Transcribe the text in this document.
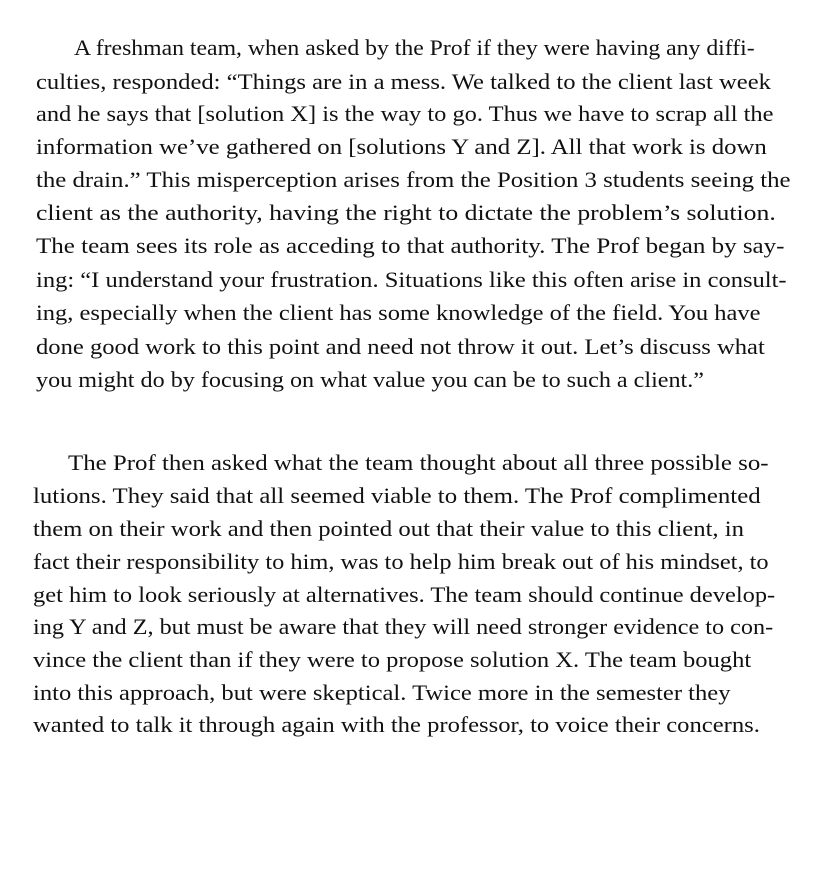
A freshman team, when asked by the Prof if they were having any diffi-

culties, responded: “Things are in a mess. We talked to the client last week

and he says that [solution X] is the way to go. Thus we have to scrap all the

information we’ve gathered on [solutions Y and Z]. All that work is down

the drain.” This misperception arises from the Position 3 students seeing the

client as the authority, having the right to dictate the problem’s solution.

The team sees its role as acceding to that authority. The Prof began by say-

ing: “I understand your frustration. Situations like this often arise in consult-

ing, especially when the client has some knowledge of the field. You have

done good work to this point and need not throw it out. Let’s discuss what

you might do by focusing on what value you can be to such a client.”

The Prof then asked what the team thought about all three possible so-

lutions. They said that all seemed viable to them. The Prof complimented

them on their work and then pointed out that their value to this client, in

fact their responsibility to him, was to help him break out of his mindset, to

get him to look seriously at alternatives. The team should continue develop-

ing Y and Z, but must be aware that they will need stronger evidence to con-

vince the client than if they were to propose solution X. The team bought

into this approach, but were skeptical. Twice more in the semester they

wanted to talk it through again with the professor, to voice their concerns.
